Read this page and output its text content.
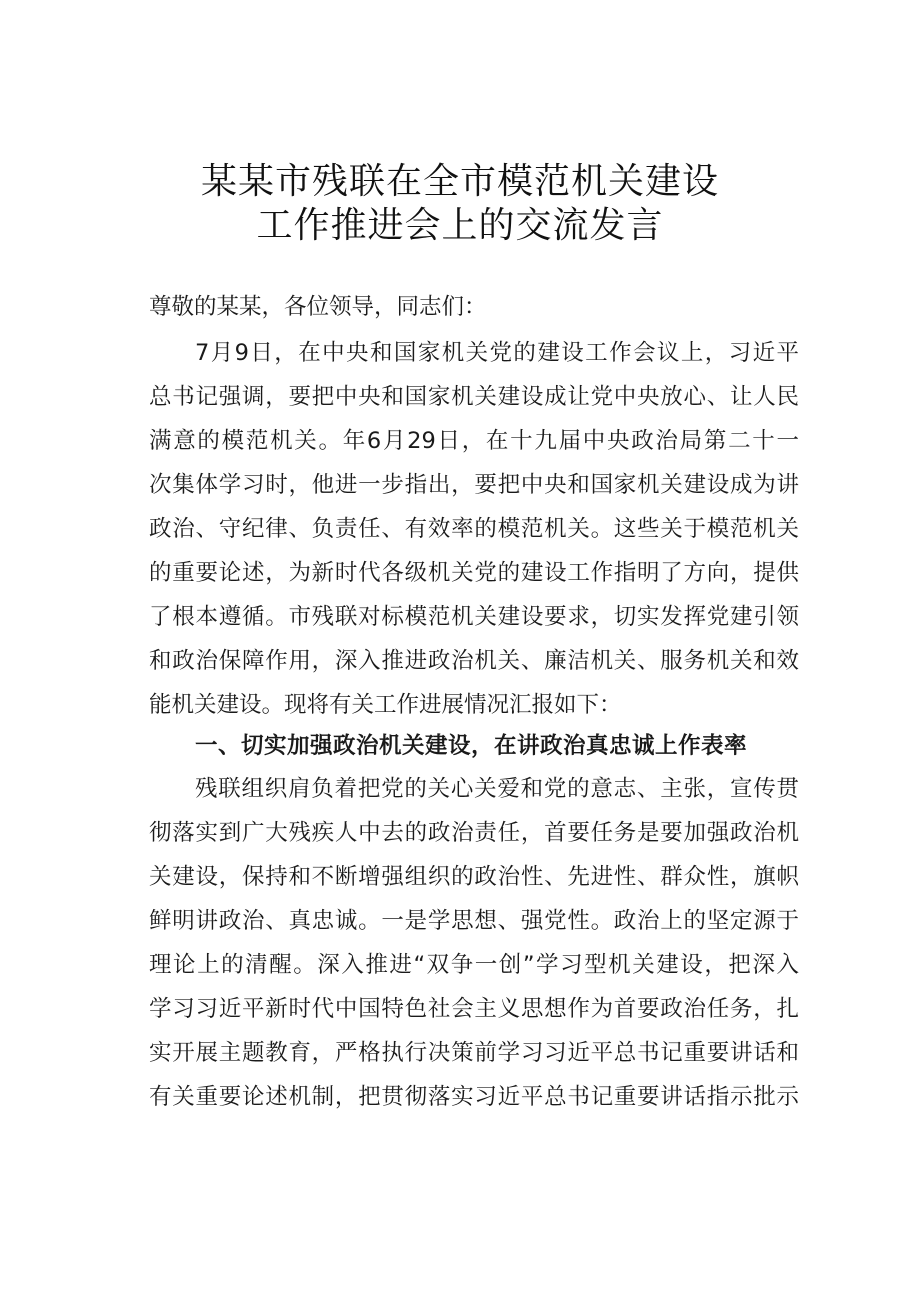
某某市残联在全市模范机关建设
工作推进会上的交流发言
尊敬的某某，各位领导，同志们：
7月9日，在中央和国家机关党的建设工作会议上，习近平
总书记强调，要把中央和国家机关建设成让党中央放心、让人民
满意的模范机关。年6月29日，在十九届中央政治局第二十一
次集体学习时，他进一步指出，要把中央和国家机关建设成为讲
政治、守纪律、负责任、有效率的模范机关。这些关于模范机关
的重要论述，为新时代各级机关党的建设工作指明了方向，提供
了根本遵循。市残联对标模范机关建设要求，切实发挥党建引领
和政治保障作用，深入推进政治机关、廉洁机关、服务机关和效
能机关建设。现将有关工作进展情况汇报如下：
一、切实加强政治机关建设，在讲政治真忠诚上作表率
残联组织肩负着把党的关心关爱和党的意志、主张，宣传贯
彻落实到广大残疾人中去的政治责任，首要任务是要加强政治机
关建设，保持和不断增强组织的政治性、先进性、群众性，旗帜
鲜明讲政治、真忠诚。一是学思想、强党性。政治上的坚定源于
理论上的清醒。深入推进“双争一创”学习型机关建设，把深入
学习习近平新时代中国特色社会主义思想作为首要政治任务，扎
实开展主题教育，严格执行决策前学习习近平总书记重要讲话和
有关重要论述机制，把贯彻落实习近平总书记重要讲话指示批示
